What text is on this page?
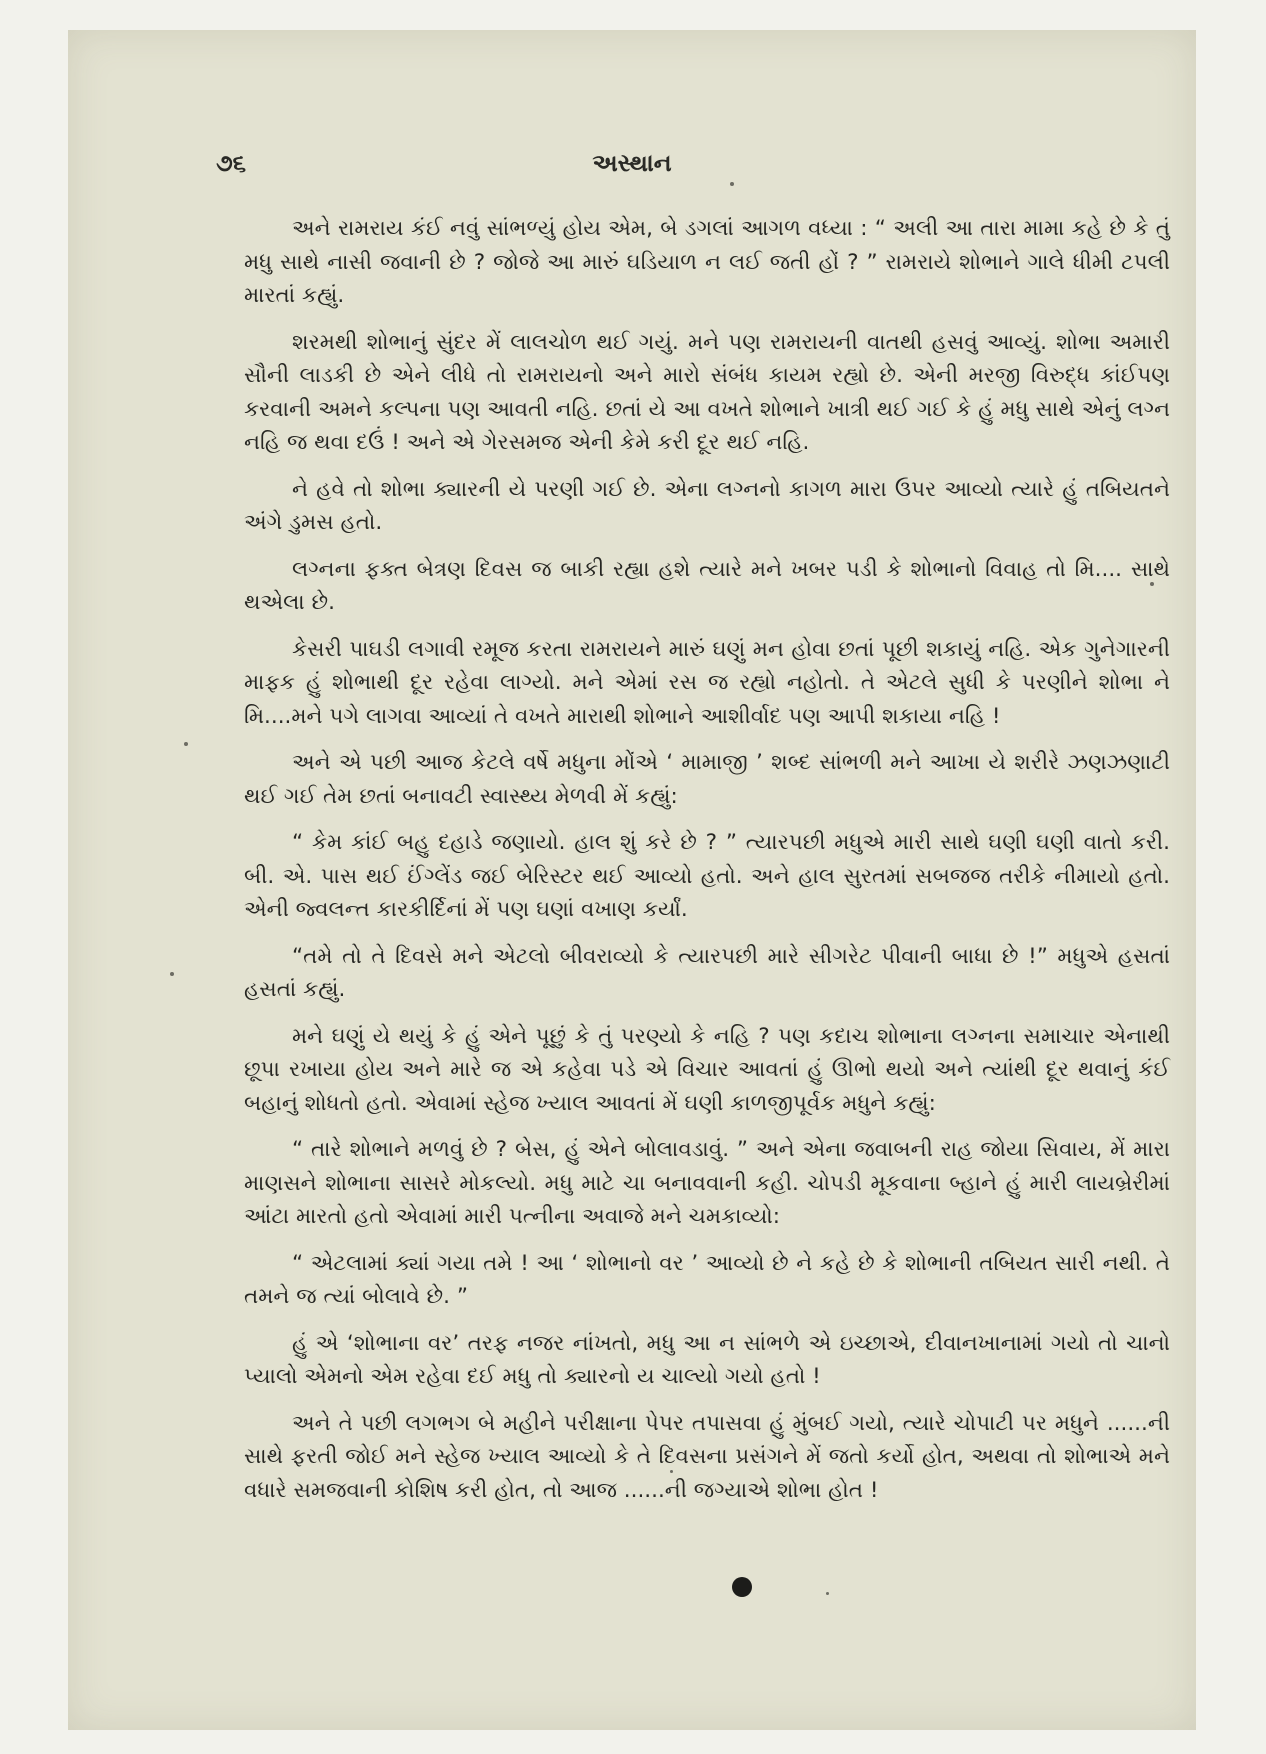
૭૬	અસ્થાન

અને રામરાય કંઈ નવું સાંભળ્યું હોય એમ, બે ડગલાં આગળ વધ્યા : “ અલી આ તારા મામા કહે છે કે તું મધુ સાથે નાસી જવાની છે ? જોજે આ મારું ઘડિયાળ ન લઈ જતી હોં ? ” રામરાયે શોભાને ગાલે ધીમી ટપલી મારતાં કહ્યું.

શરમથી શોભાનું સુંદર મેં લાલચોળ થઈ ગયું. મને પણ રામરાયની વાતથી હસવું આવ્યું. શોભા અમારી સૌની લાડકી છે એને લીધે તો રામરાયનો અને મારો સંબંધ કાયમ રહ્યો છે. એની મરજી વિરુદ્ધ કાંઈપણ કરવાની અમને કલ્પના પણ આવતી નહિ. છતાં યે આ વખતે શોભાને ખાત્રી થઈ ગઈ કે હું મધુ સાથે એનું લગ્ન નહિ જ થવા દઉં ! અને એ ગેરસમજ એની કેમે કરી દૂર થઈ નહિ.

ને હવે તો શોભા ક્યારની યે પરણી ગઈ છે. એના લગ્નનો કાગળ મારા ઉપર આવ્યો ત્યારે હું તબિયતને અંગે ડુમસ હતો.

લગ્નના ફક્ત બેત્રણ દિવસ જ બાકી રહ્યા હશે ત્યારે મને ખબર પડી કે શોભાનો વિવાહ તો મિ.... સાથે થએલા છે.

કેસરી પાઘડી લગાવી રમૂજ કરતા રામરાયને મારું ઘણું મન હોવા છતાં પૂછી શકાયું નહિ. એક ગુનેગારની માફક હું શોભાથી દૂર રહેવા લાગ્યો. મને એમાં રસ જ રહ્યો નહોતો. તે એટલે સુધી કે પરણીને શોભા ને મિ....મને પગે લાગવા આવ્યાં તે વખતે મારાથી શોભાને આશીર્વાદ પણ આપી શકાયા નહિ !

અને એ પછી આજ કેટલે વર્ષે મધુના મોંએ ‘ મામાજી ’ શબ્દ સાંભળી મને આખા યે શરીરે ઝણઝણાટી થઈ ગઈ તેમ છતાં બનાવટી સ્વાસ્થ્ય મેળવી મેં કહ્યું:

“ કેમ કાંઈ બહુ દહાડે જણાયો. હાલ શું કરે છે ? ” ત્યારપછી મધુએ મારી સાથે ઘણી ઘણી વાતો કરી. બી. એ. પાસ થઈ ઈંગ્લેંડ જઈ બેરિસ્ટર થઈ આવ્યો હતો. અને હાલ સુરતમાં સબજજ તરીકે નીમાયો હતો. એની જ્વલન્ત કારકીર્દિનાં મેં પણ ઘણાં વખાણ કર્યાં.

“તમે તો તે દિવસે મને એટલો બીવરાવ્યો કે ત્યારપછી મારે સીગરેટ પીવાની બાધા છે !” મધુએ હસતાં હસતાં કહ્યું.

મને ઘણું યે થયું કે હું એને પૂછું કે તું પરણ્યો કે નહિ ? પણ કદાચ શોભાના લગ્નના સમાચાર એનાથી છૂપા રખાયા હોય અને મારે જ એ કહેવા પડે એ વિચાર આવતાં હું ઊભો થયો અને ત્યાંથી દૂર થવાનું કંઈ બહાનું શોધતો હતો. એવામાં સ્હેજ ખ્યાલ આવતાં મેં ઘણી કાળજીપૂર્વક મધુને કહ્યું:

“ તારે શોભાને મળવું છે ? બેસ, હું એને બોલાવડાવું. ” અને એના જવાબની રાહ જોયા સિવાય, મેં મારા માણસને શોભાના સાસરે મોકલ્યો. મધુ માટે ચા બનાવવાની કહી. ચોપડી મૂકવાના બ્હાને હું મારી લાયબ્રેરીમાં આંટા મારતો હતો એવામાં મારી પત્નીના અવાજે મને ચમકાવ્યો:

“ એટલામાં ક્યાં ગયા તમે ! આ ‘ શોભાનો વર ’ આવ્યો છે ને કહે છે કે શોભાની તબિયત સારી નથી. તે તમને જ ત્યાં બોલાવે છે. ”

હું એ ‘શોભાના વર’ તરફ નજર નાંખતો, મધુ આ ન સાંભળે એ ઇચ્છાએ, દીવાનખાનામાં ગયો તો ચાનો પ્યાલો એમનો એમ રહેવા દઈ મધુ તો ક્યારનો ય ચાલ્યો ગયો હતો !

અને તે પછી લગભગ બે મહીને પરીક્ષાના પેપર તપાસવા હું મુંબઈ ગયો, ત્યારે ચોપાટી પર મધુને ......ની સાથે ફરતી જોઈ મને સ્હેજ ખ્યાલ આવ્યો કે તે દિવસના પ્રસંગને મેં જતો કર્યો હોત, અથવા તો શોભાએ મને વધારે સમજવાની કોશિષ કરી હોત, તો આજ ......ની જગ્યાએ શોભા હોત !
